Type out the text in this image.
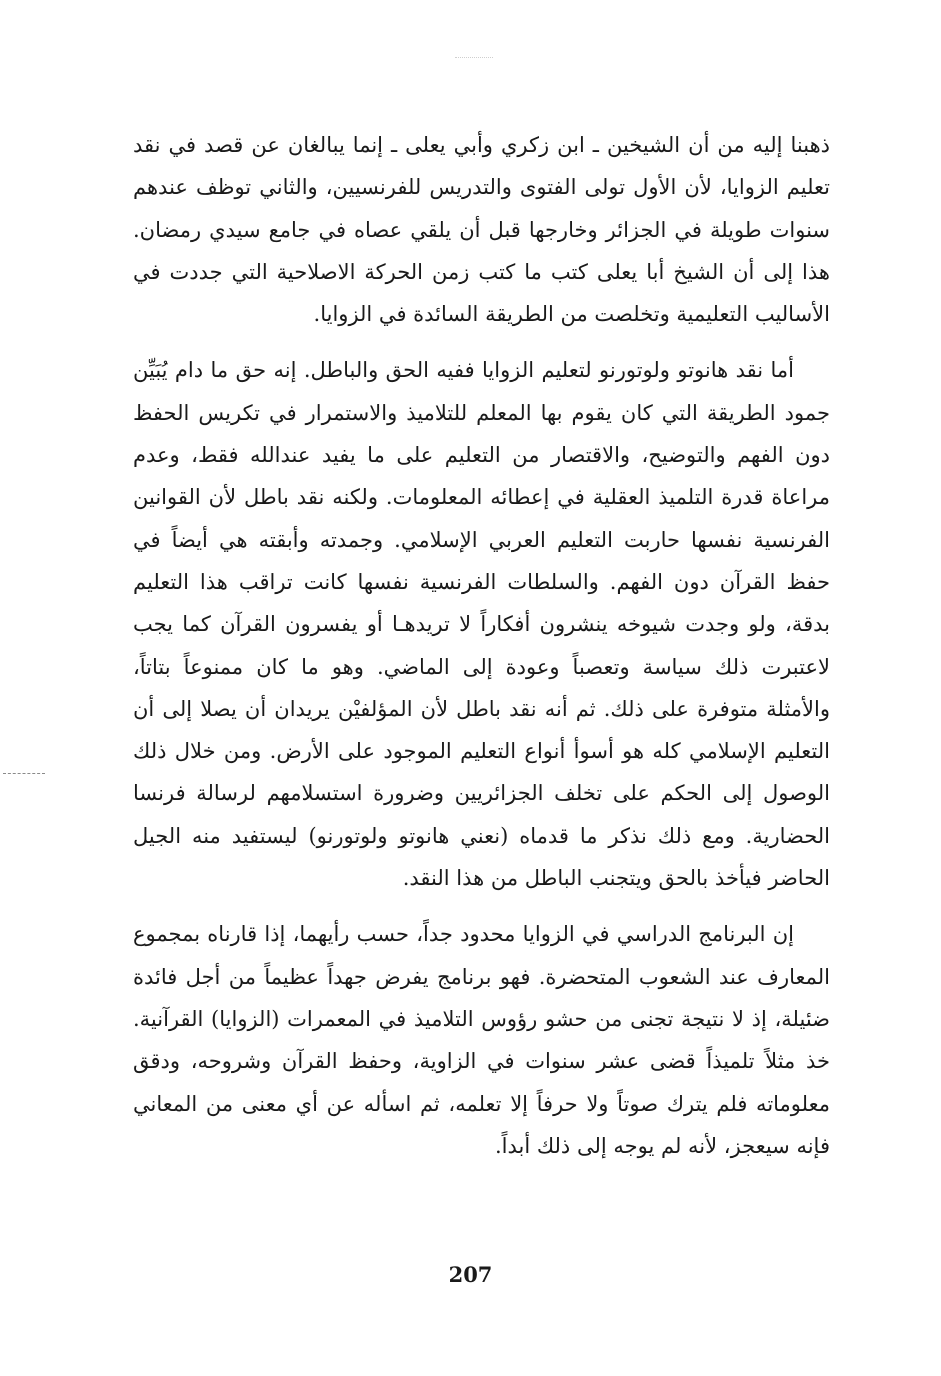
ذهبنا إليه من أن الشيخين ـ ابن زكري وأبي يعلى ـ إنما يبالغان عن قصد في نقد تعليم الزوايا، لأن الأول تولى الفتوى والتدريس للفرنسيين، والثاني توظف عندهم سنوات طويلة في الجزائر وخارجها قبل أن يلقي عصاه في جامع سيدي رمضان. هذا إلى أن الشيخ أبا يعلى كتب ما كتب زمن الحركة الاصلاحية التي جددت في الأساليب التعليمية وتخلصت من الطريقة السائدة في الزوايا.

أما نقد هانوتو ولوتورنو لتعليم الزوايا ففيه الحق والباطل. إنه حق ما دام يُبَيِّن جمود الطريقة التي كان يقوم بها المعلم للتلاميذ والاستمرار في تكريس الحفظ دون الفهم والتوضيح، والاقتصار من التعليم على ما يفيد عندالله فقط، وعدم مراعاة قدرة التلميذ العقلية في إعطائه المعلومات. ولكنه نقد باطل لأن القوانين الفرنسية نفسها حاربت التعليم العربي الإسلامي. وجمدته وأبقته هي أيضاً في حفظ القرآن دون الفهم. والسلطات الفرنسية نفسها كانت تراقب هذا التعليم بدقة، ولو وجدت شيوخه ينشرون أفكاراً لا تريدهـا أو يفسرون القرآن كما يجب لاعتبرت ذلك سياسة وتعصباً وعودة إلى الماضي. وهو ما كان ممنوعاً بتاتاً، والأمثلة متوفرة على ذلك. ثم أنه نقد باطل لأن المؤلفيْن يريدان أن يصلا إلى أن التعليم الإسلامي كله هو أسوأ أنواع التعليم الموجود على الأرض. ومن خلال ذلك الوصول إلى الحكم على تخلف الجزائريين وضرورة استسلامهم لرسالة فرنسا الحضارية. ومع ذلك نذكر ما قدماه (نعني هانوتو ولوتورنو) ليستفيد منه الجيل الحاضر فيأخذ بالحق ويتجنب الباطل من هذا النقد.

إن البرنامج الدراسي في الزوايا محدود جداً، حسب رأيهما، إذا قارناه بمجموع المعارف عند الشعوب المتحضرة. فهو برنامج يفرض جهداً عظيماً من أجل فائدة ضئيلة، إذ لا نتيجة تجنى من حشو رؤوس التلاميذ في المعمرات (الزوايا) القرآنية. خذ مثلاً تلميذاً قضى عشر سنوات في الزاوية، وحفظ القرآن وشروحه، ودقق معلوماته فلم يترك صوتاً ولا حرفاً إلا تعلمه، ثم اسأله عن أي معنى من المعاني فإنه سيعجز، لأنه لم يوجه إلى ذلك أبداً.

207
